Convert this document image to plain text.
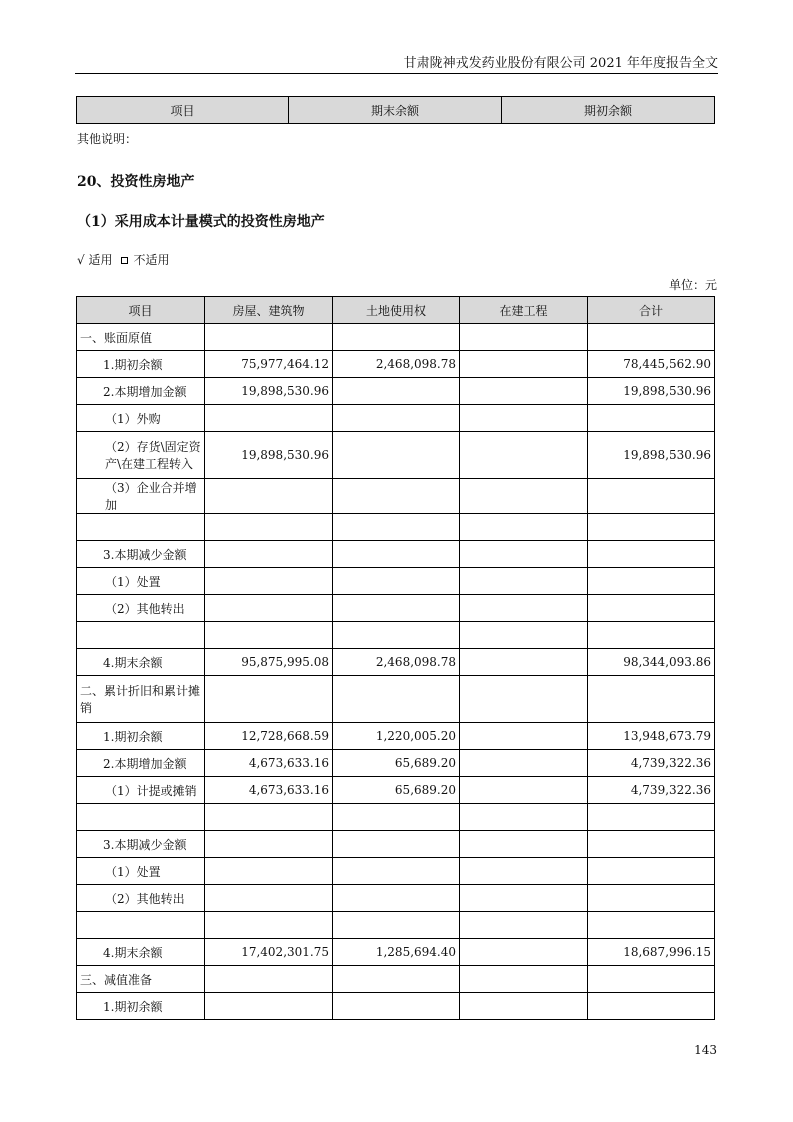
甘肃陇神戎发药业股份有限公司 2021 年年度报告全文
项目	期末余额	期初余额
其他说明：
20、投资性房地产
（1）采用成本计量模式的投资性房地产
√ 适用 不适用
单位：元
项目	房屋、建筑物	土地使用权	在建工程	合计
一、账面原值				
1.期初余额	75,977,464.12	2,468,098.78		78,445,562.90
2.本期增加金额	19,898,530.96			19,898,530.96
（1）外购				
（2）存货\固定资产\在建工程转入	19,898,530.96			19,898,530.96
（3）企业合并增加				

3.本期减少金额				
（1）处置				
（2）其他转出				

4.期末余额	95,875,995.08	2,468,098.78		98,344,093.86
二、累计折旧和累计摊销				
1.期初余额	12,728,668.59	1,220,005.20		13,948,673.79
2.本期增加金额	4,673,633.16	65,689.20		4,739,322.36
（1）计提或摊销	4,673,633.16	65,689.20		4,739,322.36

3.本期减少金额				
（1）处置				
（2）其他转出				

4.期末余额	17,402,301.75	1,285,694.40		18,687,996.15
三、减值准备				
1.期初余额				
143
